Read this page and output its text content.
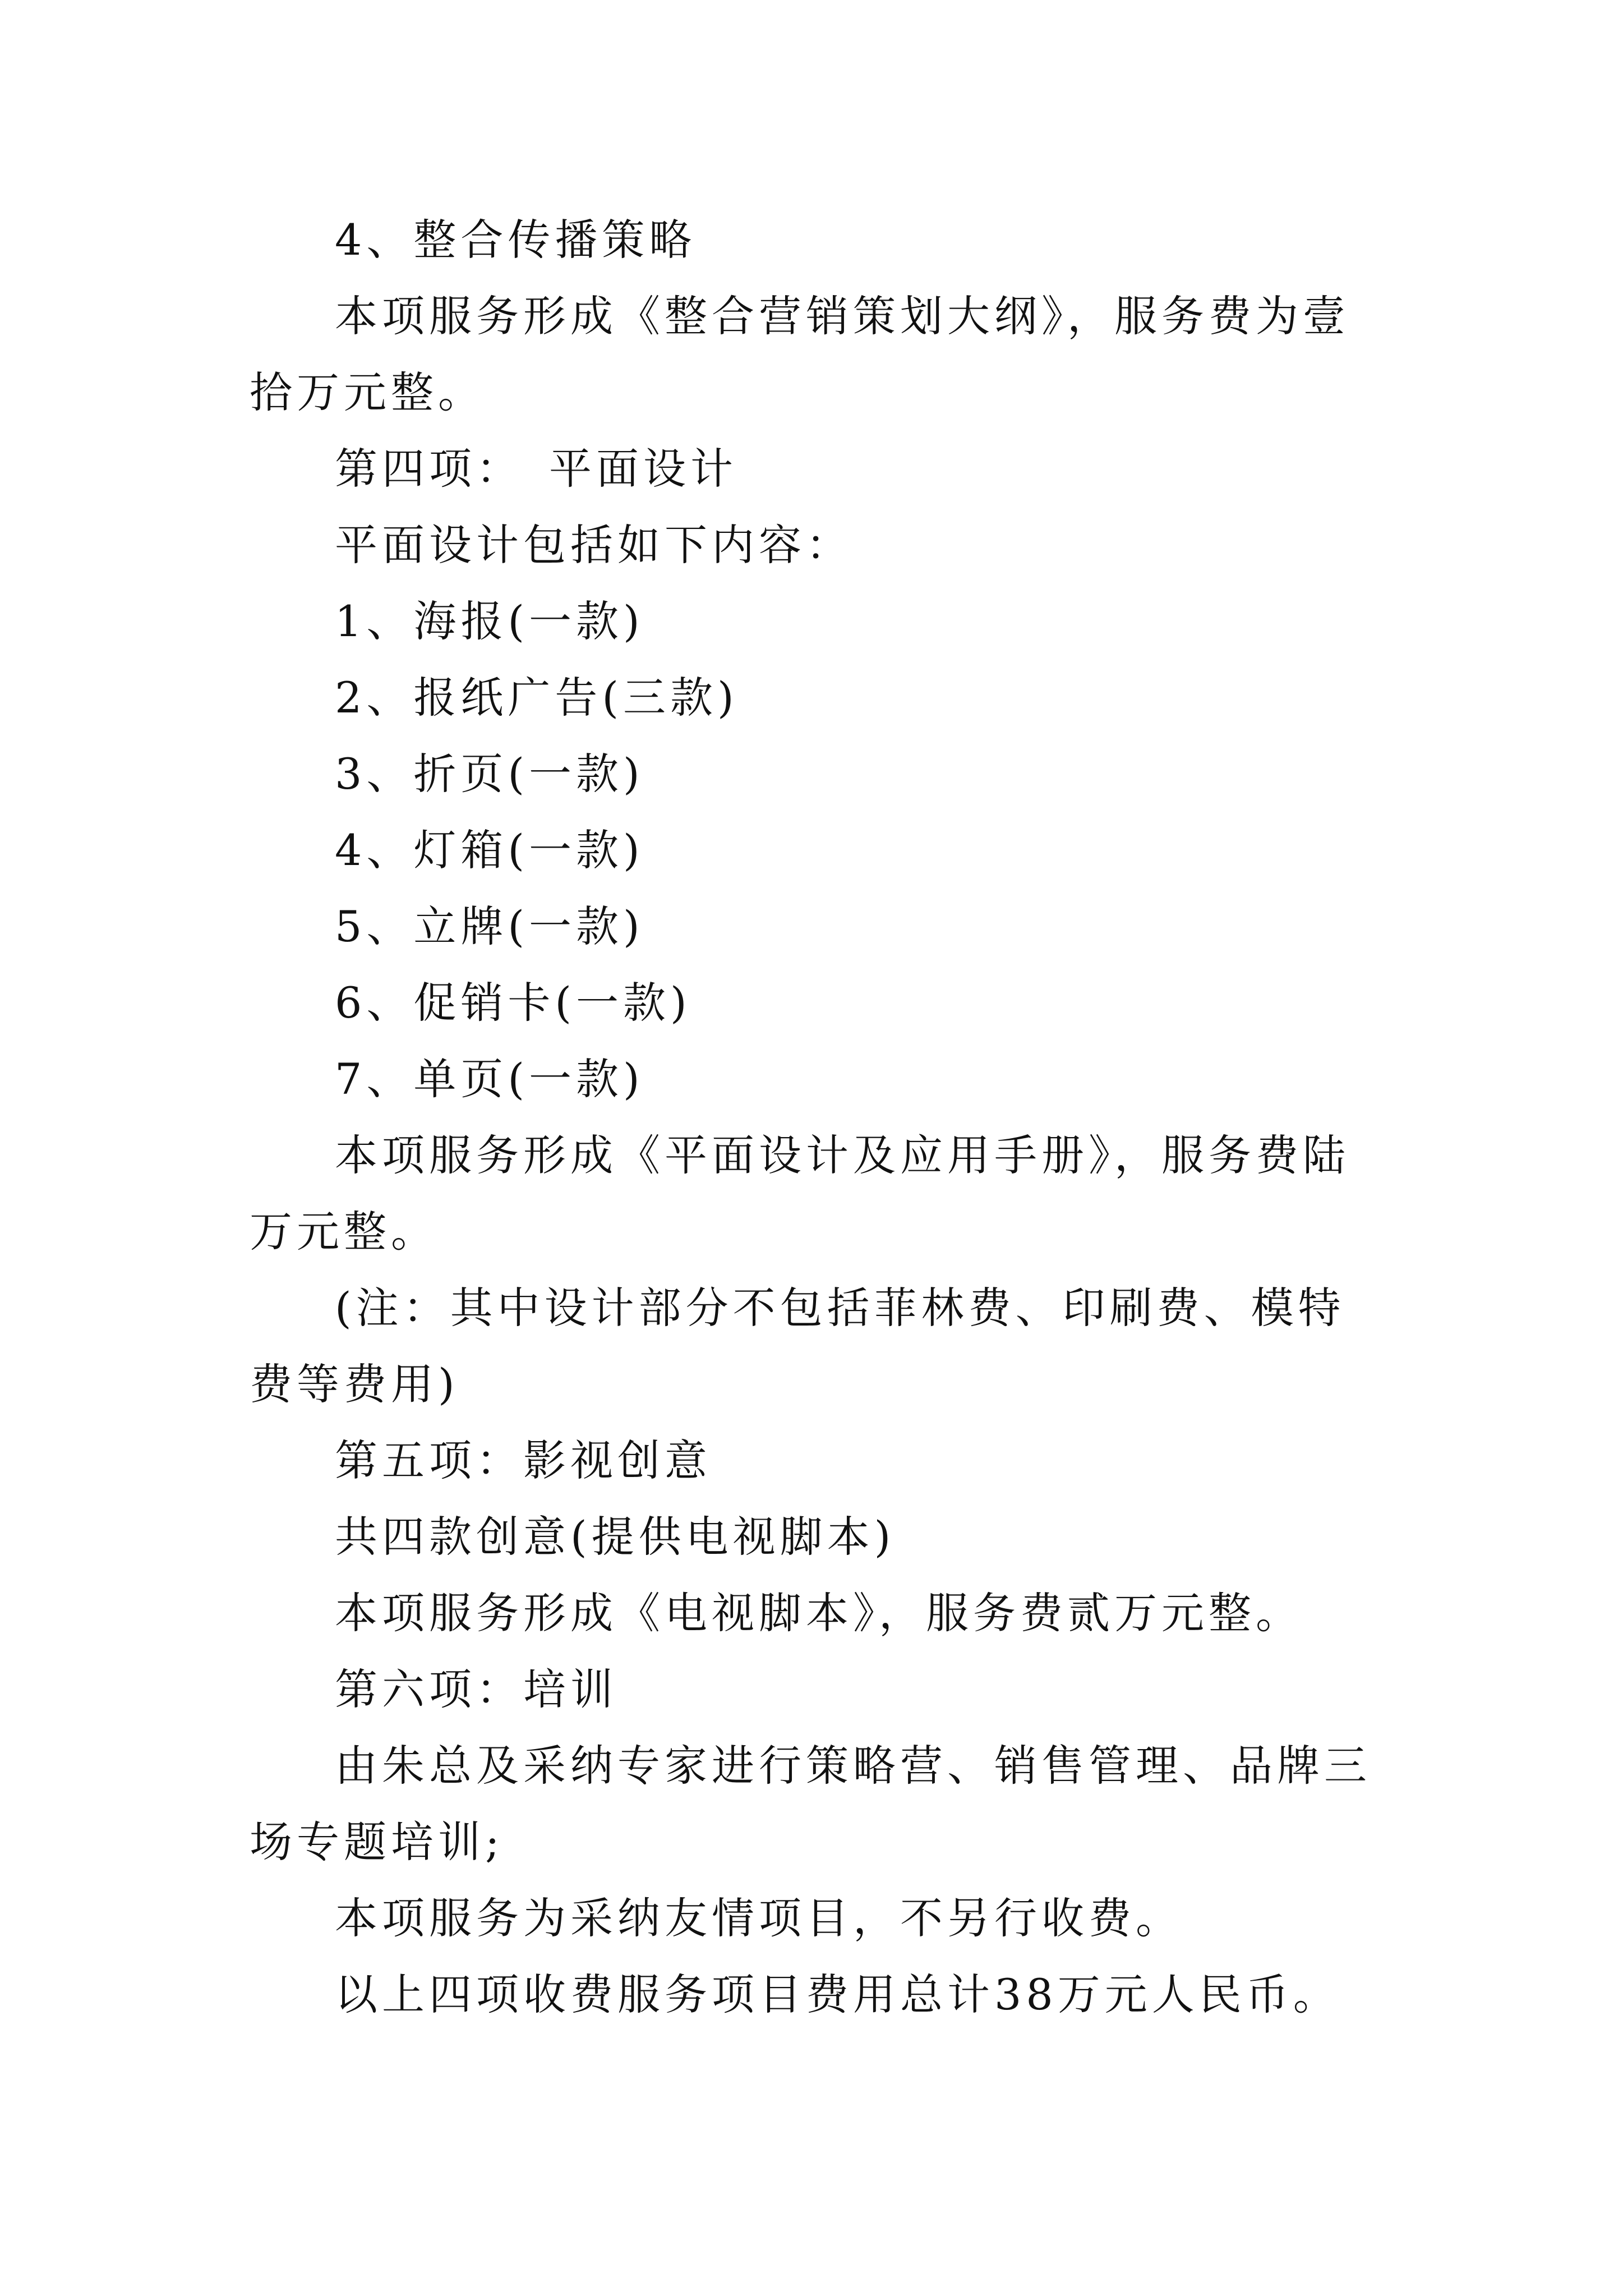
4、整合传播策略

本项服务形成《整合营销策划大纲》，服务费为壹拾万元整。

第四项：　平面设计

平面设计包括如下内容：

1、海报(一款)

2、报纸广告(三款)

3、折页(一款)

4、灯箱(一款)

5、立牌(一款)

6、促销卡(一款)

7、单页(一款)

本项服务形成《平面设计及应用手册》，服务费陆万元整。

(注：其中设计部分不包括菲林费、印刷费、模特费等费用)

第五项：影视创意

共四款创意(提供电视脚本)

本项服务形成《电视脚本》，服务费贰万元整。

第六项：培训

由朱总及采纳专家进行策略营、销售管理、品牌三场专题培训;

本项服务为采纳友情项目，不另行收费。

以上四项收费服务项目费用总计38万元人民币。
